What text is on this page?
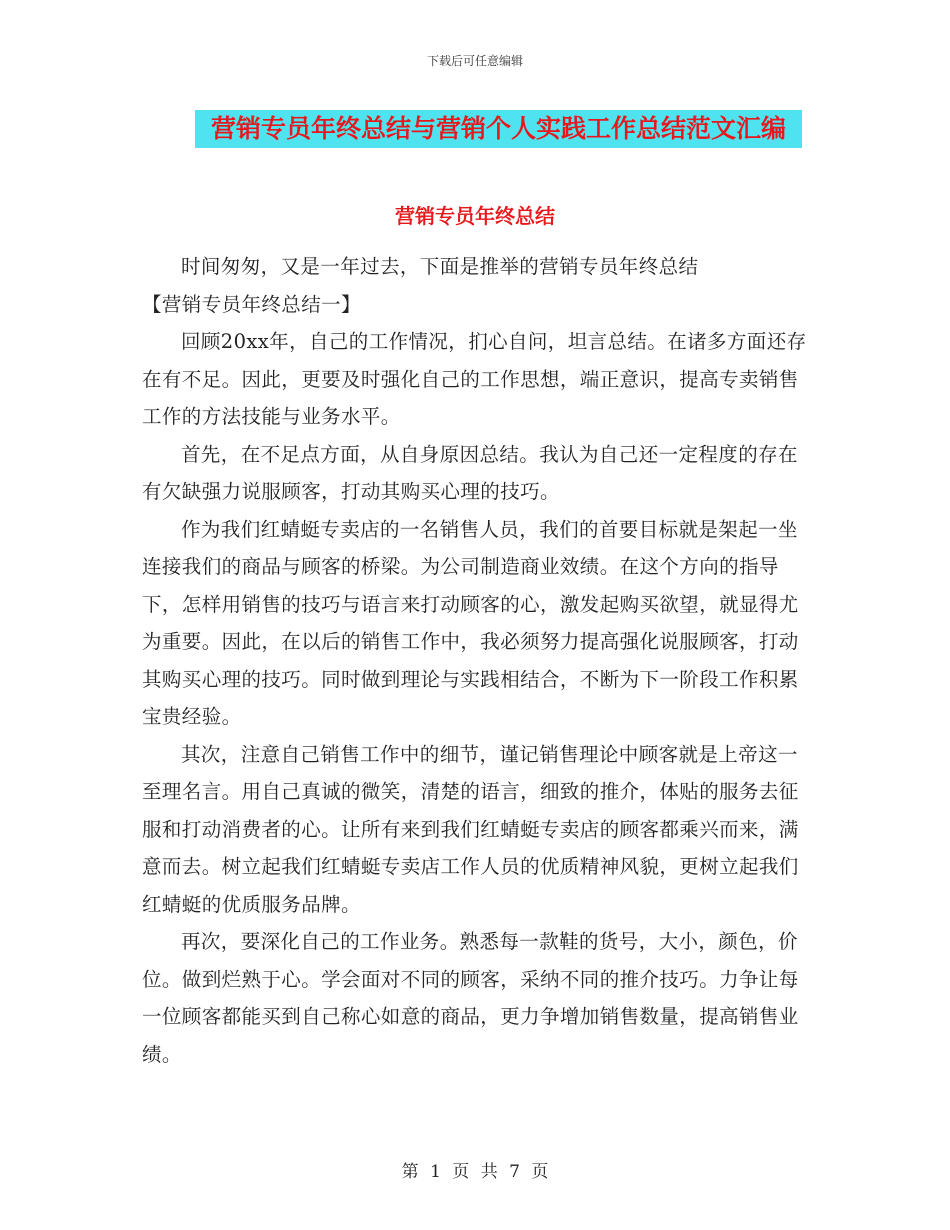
下载后可任意编辑
营销专员年终总结与营销个人实践工作总结范文汇编
营销专员年终总结

时间匆匆，又是一年过去，下面是推举的营销专员年终总结

【营销专员年终总结一】

回顾20xx年，自己的工作情况，扪心自问，坦言总结。在诸多方面还存在有不足。因此，更要及时强化自己的工作思想，端正意识，提高专卖销售工作的方法技能与业务水平。

首先，在不足点方面，从自身原因总结。我认为自己还一定程度的存在有欠缺强力说服顾客，打动其购买心理的技巧。

作为我们红蜻蜓专卖店的一名销售人员，我们的首要目标就是架起一坐连接我们的商品与顾客的桥梁。为公司制造商业效绩。在这个方向的指导下，怎样用销售的技巧与语言来打动顾客的心，激发起购买欲望，就显得尤为重要。因此，在以后的销售工作中，我必须努力提高强化说服顾客，打动其购买心理的技巧。同时做到理论与实践相结合，不断为下一阶段工作积累宝贵经验。

其次，注意自己销售工作中的细节，谨记销售理论中顾客就是上帝这一至理名言。用自己真诚的微笑，清楚的语言，细致的推介，体贴的服务去征服和打动消费者的心。让所有来到我们红蜻蜓专卖店的顾客都乘兴而来，满意而去。树立起我们红蜻蜓专卖店工作人员的优质精神风貌，更树立起我们红蜻蜓的优质服务品牌。

再次，要深化自己的工作业务。熟悉每一款鞋的货号，大小，颜色，价位。做到烂熟于心。学会面对不同的顾客，采纳不同的推介技巧。力争让每一位顾客都能买到自己称心如意的商品，更力争增加销售数量，提高销售业绩。

第 1 页 共 7 页
